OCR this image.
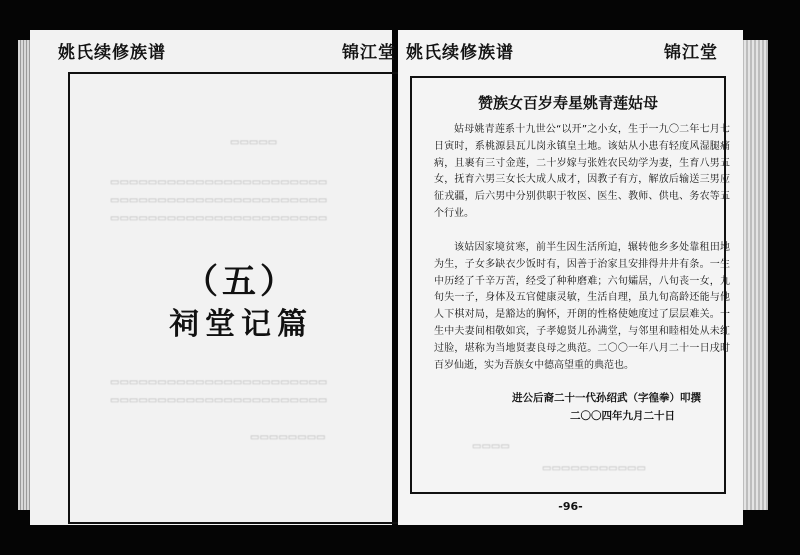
姚氏续修族谱	锦江堂
▭▭▭▭▭
▭▭▭▭▭▭▭▭▭▭▭▭▭▭▭▭▭▭▭▭▭▭▭
▭▭▭▭▭▭▭▭▭▭▭▭▭▭▭▭▭▭▭▭▭▭▭
▭▭▭▭▭▭▭▭▭▭▭▭▭▭▭▭▭▭▭▭▭▭▭
▭▭▭▭▭▭▭▭▭▭▭▭▭▭▭▭▭▭▭▭▭▭▭
▭▭▭▭▭▭▭▭▭▭▭▭▭▭▭▭▭▭▭▭▭▭▭
▭▭▭▭▭▭▭▭
（五）
祠堂记篇
姚氏续修族谱	锦江堂
赞族女百岁寿星姚青莲姑母

姑母姚青莲系十九世公“以开”之小女，生于一九〇二年七月七日寅时，系桃源县瓦儿岗永镇皇土地。该姑从小患有轻度风湿腿痛病，且裹有三寸金莲，二十岁嫁与张姓农民幼学为妻，生育八男五女，抚育六男三女长大成人成才，因教子有方，解放后输送三男应征戎疆，后六男中分别供职于牧医、医生、教师、供电、务农等五个行业。

该姑因家境贫寒，前半生因生活所迫，辗转他乡多处靠租田地为生，子女多缺衣少饭时有，因善于治家且安排得井井有条。一生中历经了千辛万苦，经受了种种磨难；六旬孀居，八旬丧一女，九旬失一子，身体及五官健康灵敏，生活自理，虽九旬高龄还能与他人下棋对局，是豁达的胸怀，开朗的性格使她度过了层层难关。一生中夫妻间相敬如宾，子孝媳贤儿孙满堂，与邻里和睦相处从未红过脸，堪称为当地贤妻良母之典范。二〇〇一年八月二十一日戌时百岁仙逝，实为吾族女中德高望重的典范也。

▭▭▭▭
▭▭▭▭▭▭▭▭▭▭▭
进公后裔二十一代孙绍武（字徨拳）叩撰
二〇〇四年九月二十日
-96-
